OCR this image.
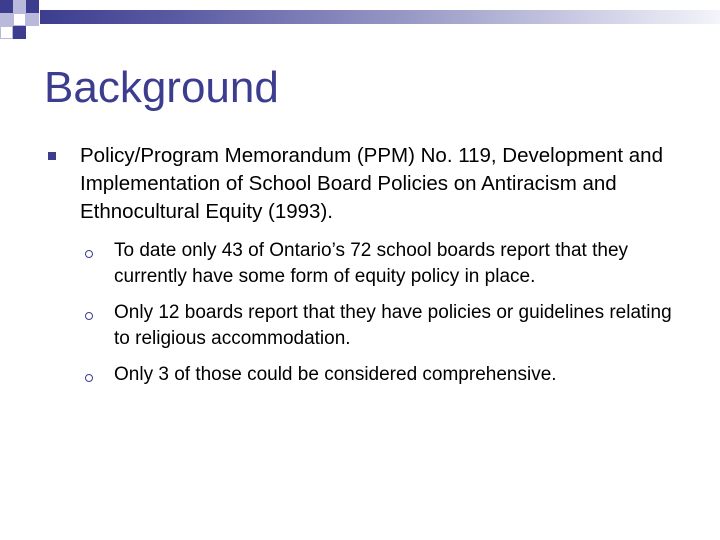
Background
Policy/Program Memorandum (PPM) No. 119, Development and Implementation of School Board Policies on Antiracism and Ethnocultural Equity (1993).
To date only 43 of Ontario’s 72 school boards report that they currently have some form of equity policy in place.
Only 12 boards report that they have policies or guidelines relating to religious accommodation.
Only 3 of those could be considered comprehensive.
